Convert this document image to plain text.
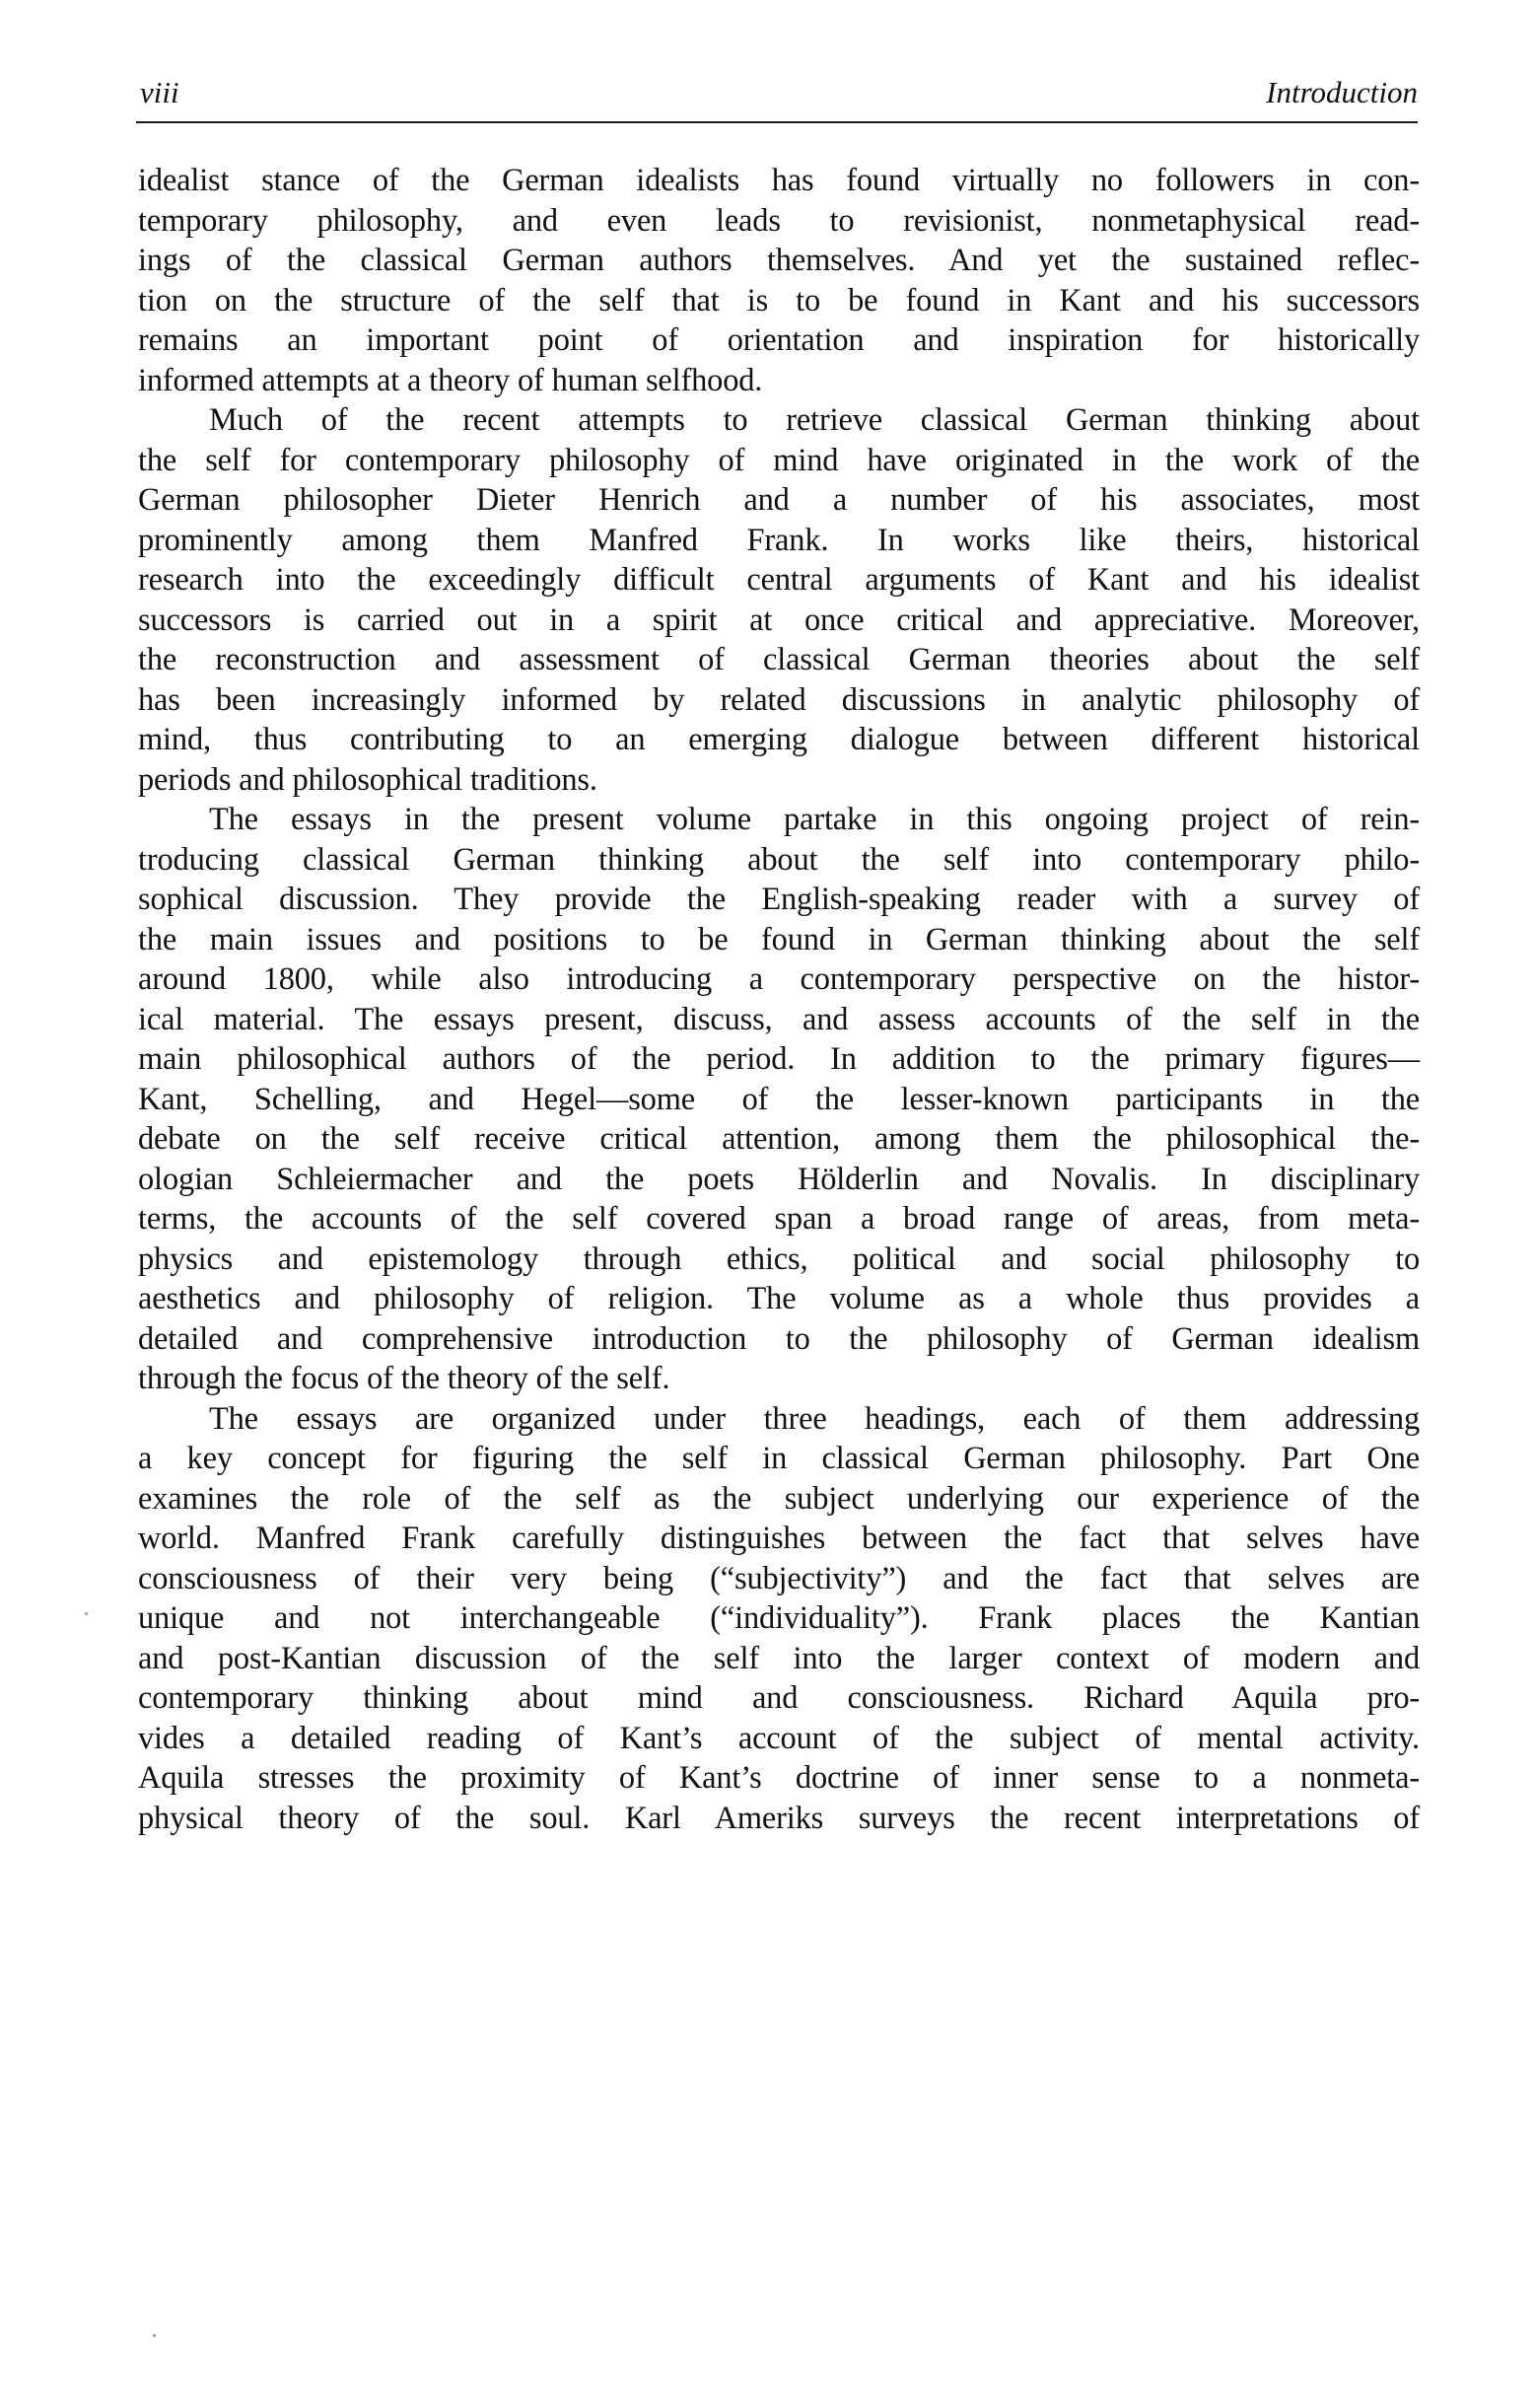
viii	Introduction

idealist stance of the German idealists has found virtually no followers in con-
temporary philosophy, and even leads to revisionist, nonmetaphysical read-
ings of the classical German authors themselves. And yet the sustained reflec-
tion on the structure of the self that is to be found in Kant and his successors
remains an important point of orientation and inspiration for historically
informed attempts at a theory of human selfhood.

Much of the recent attempts to retrieve classical German thinking about
the self for contemporary philosophy of mind have originated in the work of the
German philosopher Dieter Henrich and a number of his associates, most
prominently among them Manfred Frank. In works like theirs, historical
research into the exceedingly difficult central arguments of Kant and his idealist
successors is carried out in a spirit at once critical and appreciative. Moreover,
the reconstruction and assessment of classical German theories about the self
has been increasingly informed by related discussions in analytic philosophy of
mind, thus contributing to an emerging dialogue between different historical
periods and philosophical traditions.

The essays in the present volume partake in this ongoing project of rein-
troducing classical German thinking about the self into contemporary philo-
sophical discussion. They provide the English-speaking reader with a survey of
the main issues and positions to be found in German thinking about the self
around 1800, while also introducing a contemporary perspective on the histor-
ical material. The essays present, discuss, and assess accounts of the self in the
main philosophical authors of the period. In addition to the primary figures—
Kant, Schelling, and Hegel—some of the lesser-known participants in the
debate on the self receive critical attention, among them the philosophical the-
ologian Schleiermacher and the poets Hölderlin and Novalis. In disciplinary
terms, the accounts of the self covered span a broad range of areas, from meta-
physics and epistemology through ethics, political and social philosophy to
aesthetics and philosophy of religion. The volume as a whole thus provides a
detailed and comprehensive introduction to the philosophy of German idealism
through the focus of the theory of the self.

The essays are organized under three headings, each of them addressing
a key concept for figuring the self in classical German philosophy. Part One
examines the role of the self as the subject underlying our experience of the
world. Manfred Frank carefully distinguishes between the fact that selves have
consciousness of their very being (“subjectivity”) and the fact that selves are
unique and not interchangeable (“individuality”). Frank places the Kantian
and post-Kantian discussion of the self into the larger context of modern and
contemporary thinking about mind and consciousness. Richard Aquila pro-
vides a detailed reading of Kant’s account of the subject of mental activity.
Aquila stresses the proximity of Kant’s doctrine of inner sense to a nonmeta-
physical theory of the soul. Karl Ameriks surveys the recent interpretations of
